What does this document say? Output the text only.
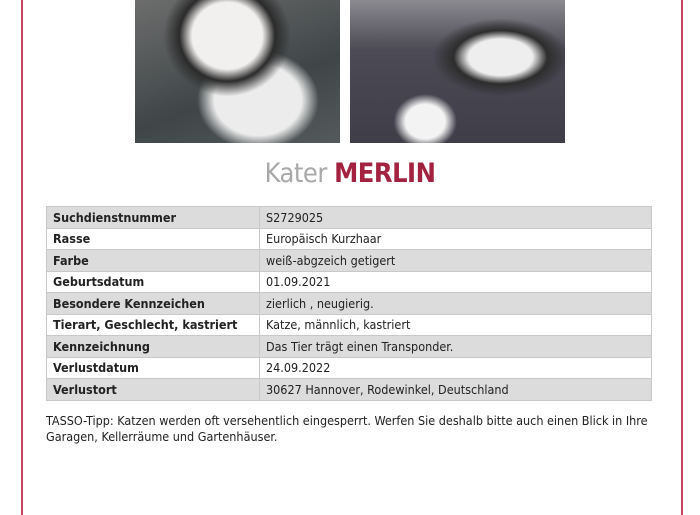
Kater MERLIN
Suchdienstnummer	S2729025
Rasse	Europäisch Kurzhaar
Farbe	weiß-abgzeich getigert
Geburtsdatum	01.09.2021
Besondere Kennzeichen	zierlich , neugierig.
Tierart, Geschlecht, kastriert	Katze, männlich, kastriert
Kennzeichnung	Das Tier trägt einen Transponder.
Verlustdatum	24.09.2022
Verlustort	30627 Hannover, Rodewinkel, Deutschland
TASSO-Tipp: Katzen werden oft versehentlich eingesperrt. Werfen Sie deshalb bitte auch einen Blick in Ihre Garagen, Kellerräume und Gartenhäuser.
